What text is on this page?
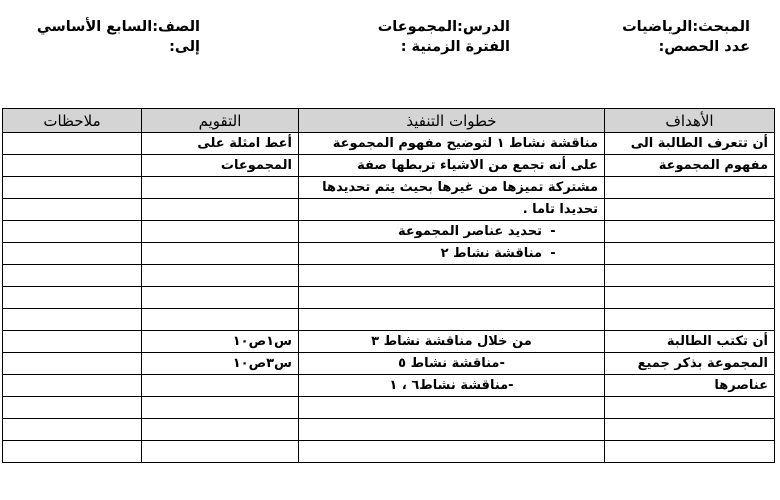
المبحث:الرياضيات
عدد الحصص:
الدرس:المجموعات
الفترة الزمنية :
الصف:السابع الأساسي
إلى:
الأهداف	خطوات التنفيذ	التقويم	ملاحظات
أن تتعرف الطالبة الى	مناقشة نشاط ١ لتوضيح مفهوم المجموعة	أعط امثلة على	
مفهوم المجموعة	على أنه تجمع من الاشياء تربطها صفة	المجموعات	
	مشتركة تميزها من غيرها بحيث يتم تحديدها		
	تحديدا تاما .		
	-تحديد عناصر المجموعة		
	-مناقشة نشاط ٢		

أن تكتب الطالبة	من خلال مناقشة نشاط ٣	س١ص١٠	
المجموعة بذكر جميع	-مناقشة نشاط ٥	س٣ص١٠	
عناصرها	-مناقشة نشاط٦ ، ١		
